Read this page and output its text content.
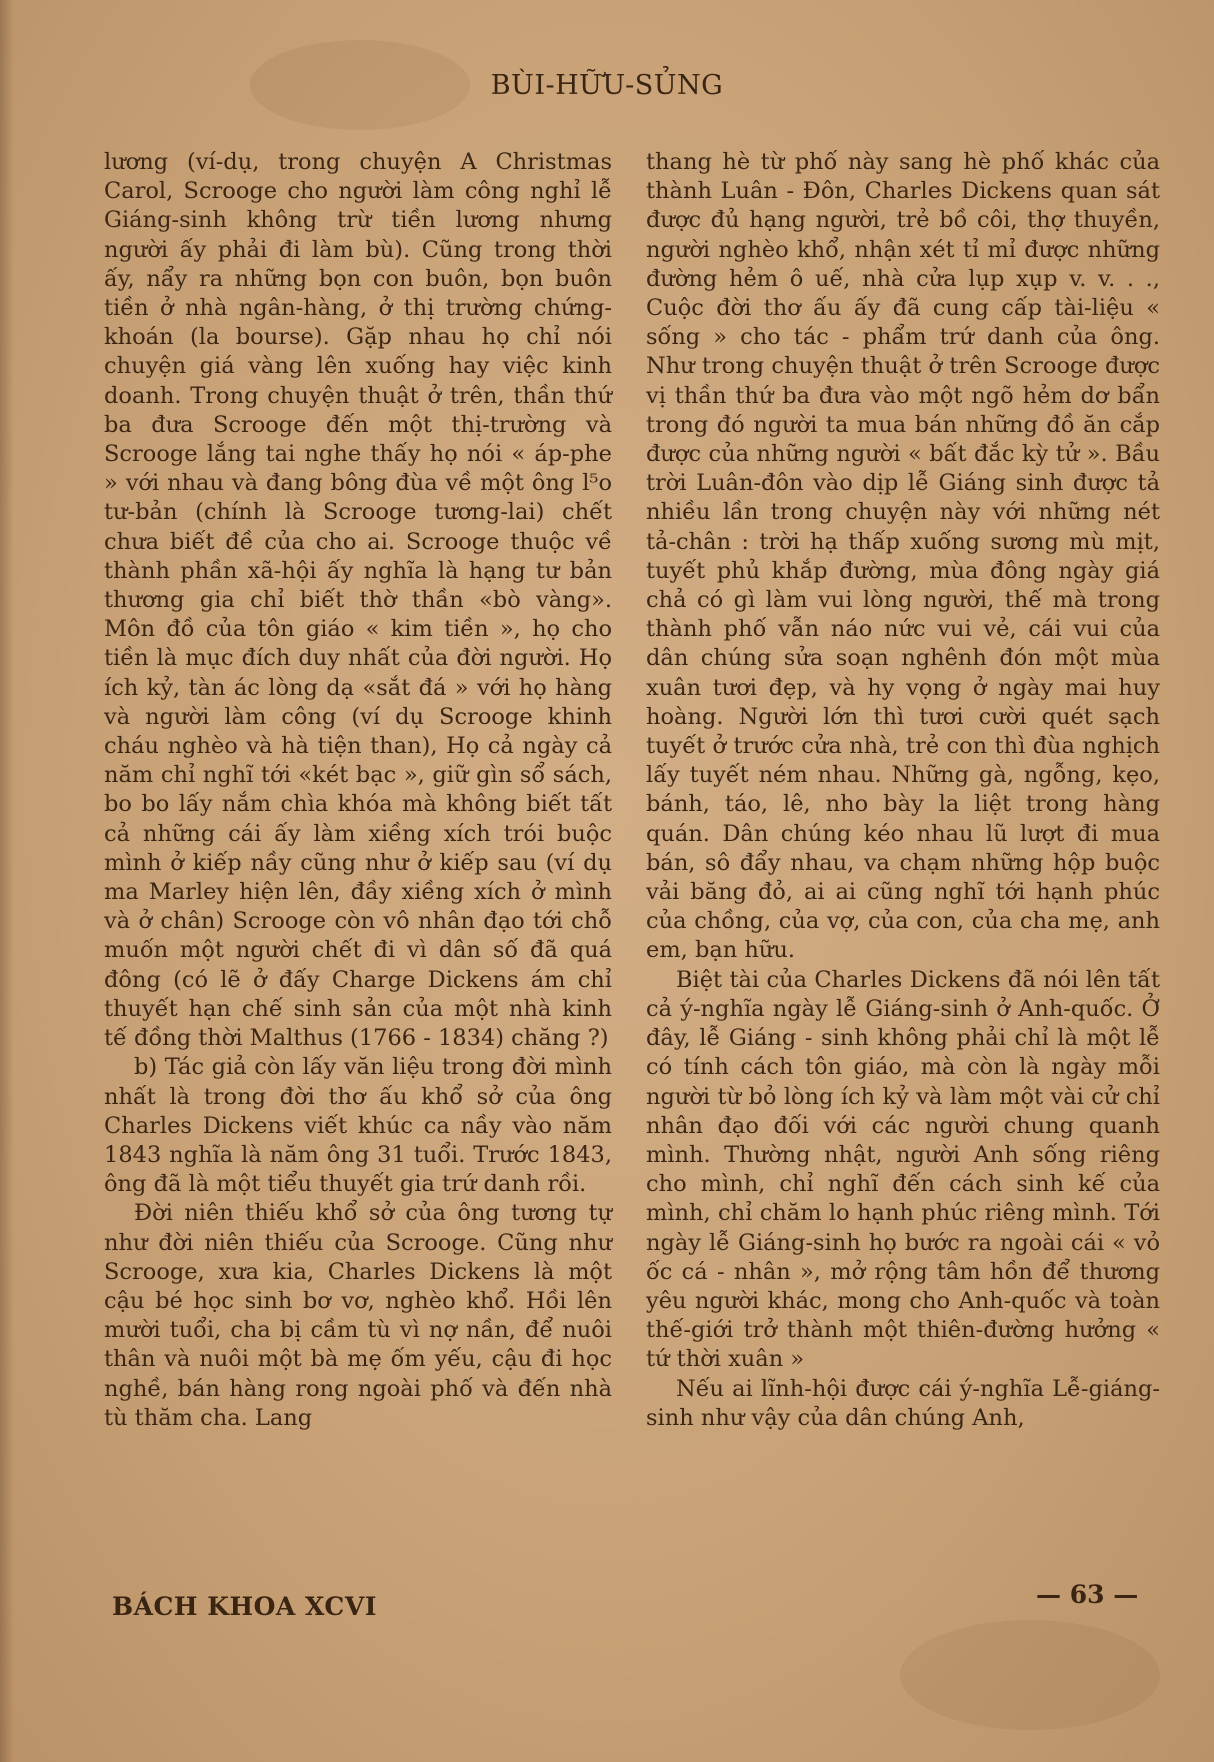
BÙI-HỮU-SỦNG

lương (ví-dụ, trong chuyện A Christmas Carol, Scrooge cho người làm công nghỉ lễ Giáng-sinh không trừ tiền lương nhưng người ấy phải đi làm bù). Cũng trong thời ấy, nẩy ra những bọn con buôn, bọn buôn tiền ở nhà ngân-hàng, ở thị trường chứng-khoán (la bourse). Gặp nhau họ chỉ nói chuyện giá vàng lên xuống hay việc kinh doanh. Trong chuyện thuật ở trên, thần thứ ba đưa Scrooge đến một thị-trường và Scrooge lắng tai nghe thấy họ nói « áp-phe » với nhau và đang bông đùa về một ông l⁵o tư-bản (chính là Scrooge tương-lai) chết chưa biết đề của cho ai. Scrooge thuộc về thành phần xã-hội ấy nghĩa là hạng tư bản thương gia chỉ biết thờ thần «bò vàng». Môn đồ của tôn giáo « kim tiền », họ cho tiền là mục đích duy nhất của đời người. Họ ích kỷ, tàn ác lòng dạ «sắt đá » với họ hàng và người làm công (ví dụ Scrooge khinh cháu nghèo và hà tiện than), Họ cả ngày cả năm chỉ nghĩ tới «két bạc », giữ gìn sổ sách, bo bo lấy nắm chìa khóa mà không biết tất cả những cái ấy làm xiềng xích trói buộc mình ở kiếp nầy cũng như ở kiếp sau (ví dụ ma Marley hiện lên, đầy xiềng xích ở mình và ở chân) Scrooge còn vô nhân đạo tới chỗ muốn một người chết đi vì dân số đã quá đông (có lẽ ở đấy Charge Dickens ám chỉ thuyết hạn chế sinh sản của một nhà kinh tế đồng thời Malthus (1766 - 1834) chăng ?)

b) Tác giả còn lấy văn liệu trong đời mình nhất là trong đời thơ ấu khổ sở của ông Charles Dickens viết khúc ca nầy vào năm 1843 nghĩa là năm ông 31 tuổi. Trước 1843, ông đã là một tiểu thuyết gia trứ danh rồi.

Đời niên thiếu khổ sở của ông tương tự như đời niên thiếu của Scrooge. Cũng như Scrooge, xưa kia, Charles Dickens là một cậu bé học sinh bơ vơ, nghèo khổ. Hồi lên mười tuổi, cha bị cầm tù vì nợ nần, để nuôi thân và nuôi một bà mẹ ốm yếu, cậu đi học nghề, bán hàng rong ngoài phố và đến nhà tù thăm cha. Lang

thang hè từ phố này sang hè phố khác của thành Luân - Đôn, Charles Dickens quan sát được đủ hạng người, trẻ bồ côi, thợ thuyền, người nghèo khổ, nhận xét tỉ mỉ được những đường hẻm ô uế, nhà cửa lụp xụp v. v. . ., Cuộc đời thơ ấu ấy đã cung cấp tài-liệu « sống » cho tác - phẩm trứ danh của ông. Như trong chuyện thuật ở trên Scrooge được vị thần thứ ba đưa vào một ngõ hẻm dơ bẩn trong đó người ta mua bán những đồ ăn cắp được của những người « bất đắc kỳ tử ». Bầu trời Luân-đôn vào dịp lễ Giáng sinh được tả nhiều lần trong chuyện này với những nét tả-chân : trời hạ thấp xuống sương mù mịt, tuyết phủ khắp đường, mùa đông ngày giá chả có gì làm vui lòng người, thế mà trong thành phố vẫn náo nức vui vẻ, cái vui của dân chúng sửa soạn nghênh đón một mùa xuân tươi đẹp, và hy vọng ở ngày mai huy hoàng. Người lớn thì tươi cười quét sạch tuyết ở trước cửa nhà, trẻ con thì đùa nghịch lấy tuyết ném nhau. Những gà, ngỗng, kẹo, bánh, táo, lê, nho bày la liệt trong hàng quán. Dân chúng kéo nhau lũ lượt đi mua bán, sô đẩy nhau, va chạm những hộp buộc vải băng đỏ, ai ai cũng nghĩ tới hạnh phúc của chồng, của vợ, của con, của cha mẹ, anh em, bạn hữu.

Biệt tài của Charles Dickens đã nói lên tất cả ý-nghĩa ngày lễ Giáng-sinh ở Anh-quốc. Ở đây, lễ Giáng - sinh không phải chỉ là một lễ có tính cách tôn giáo, mà còn là ngày mỗi người từ bỏ lòng ích kỷ và làm một vài cử chỉ nhân đạo đối với các người chung quanh mình. Thường nhật, người Anh sống riêng cho mình, chỉ nghĩ đến cách sinh kế của mình, chỉ chăm lo hạnh phúc riêng mình. Tới ngày lễ Giáng-sinh họ bước ra ngoài cái « vỏ ốc cá - nhân », mở rộng tâm hồn để thương yêu người khác, mong cho Anh-quốc và toàn thế-giới trở thành một thiên-đường hưởng « tứ thời xuân »

Nếu ai lĩnh-hội được cái ý-nghĩa Lễ-giáng-sinh như vậy của dân chúng Anh,

BÁCH KHOA XCVI	— 63 —
